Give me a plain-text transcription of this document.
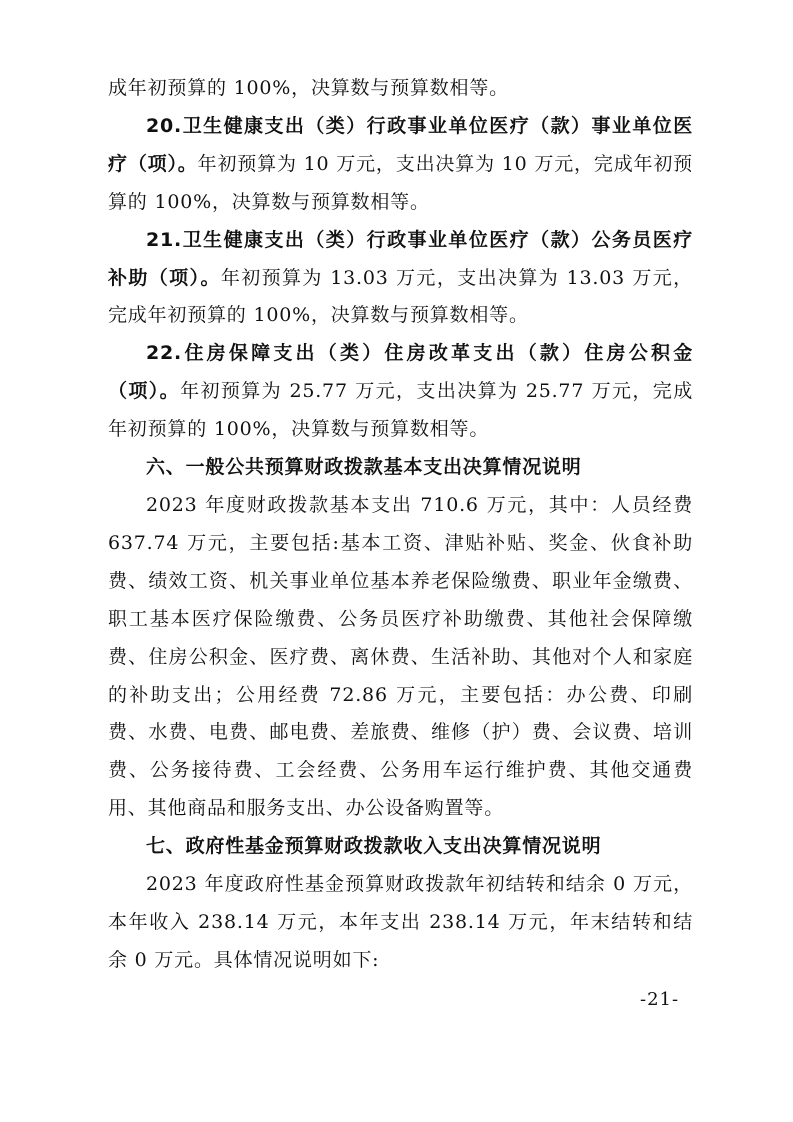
成年初预算的 100%，决算数与预算数相等。

20.卫生健康支出（类）行政事业单位医疗（款）事业单位医疗（项）。年初预算为 10 万元，支出决算为 10 万元，完成年初预算的 100%，决算数与预算数相等。

21.卫生健康支出（类）行政事业单位医疗（款）公务员医疗补助（项）。年初预算为 13.03 万元，支出决算为 13.03 万元，完成年初预算的 100%，决算数与预算数相等。

22.住房保障支出（类）住房改革支出（款）住房公积金（项）。年初预算为 25.77 万元，支出决算为 25.77 万元，完成年初预算的 100%，决算数与预算数相等。

六、一般公共预算财政拨款基本支出决算情况说明

2023 年度财政拨款基本支出 710.6 万元，其中：人员经费 637.74 万元，主要包括:基本工资、津贴补贴、奖金、伙食补助费、绩效工资、机关事业单位基本养老保险缴费、职业年金缴费、职工基本医疗保险缴费、公务员医疗补助缴费、其他社会保障缴费、住房公积金、医疗费、离休费、生活补助、其他对个人和家庭的补助支出；公用经费 72.86 万元，主要包括：办公费、印刷费、水费、电费、邮电费、差旅费、维修（护）费、会议费、培训费、公务接待费、工会经费、公务用车运行维护费、其他交通费用、其他商品和服务支出、办公设备购置等。

七、政府性基金预算财政拨款收入支出决算情况说明

2023 年度政府性基金预算财政拨款年初结转和结余 0 万元，本年收入 238.14 万元，本年支出 238.14 万元，年末结转和结余 0 万元。具体情况说明如下:

-21-
